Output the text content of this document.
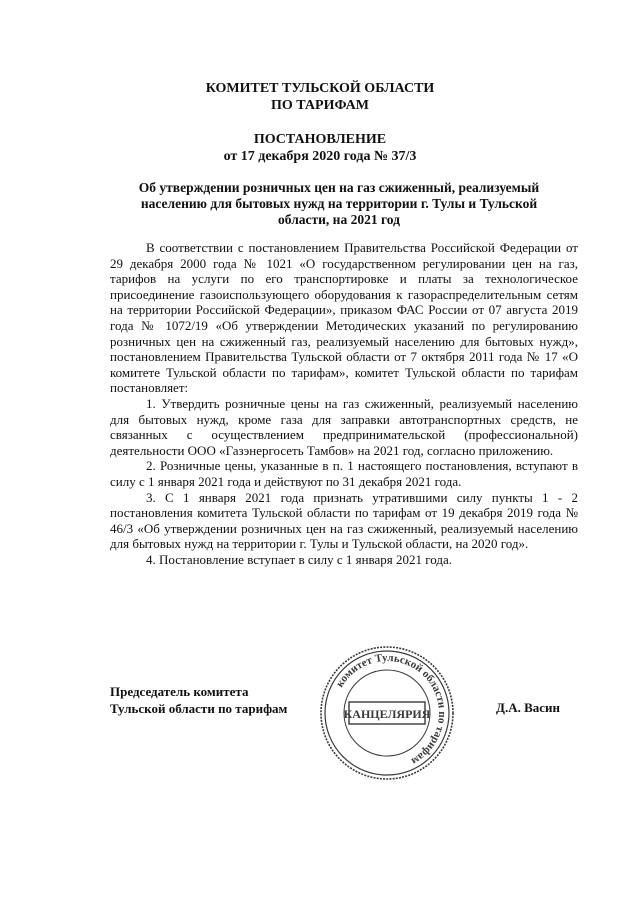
КОМИТЕТ ТУЛЬСКОЙ ОБЛАСТИ
ПО ТАРИФАМ
ПОСТАНОВЛЕНИЕ
от 17 декабря 2020 года № 37/3
Об утверждении розничных цен на газ сжиженный, реализуемый населению для бытовых нужд на территории г. Тулы и Тульской области, на 2021 год

В соответствии с постановлением Правительства Российской Федерации от 29 декабря 2000 года № 1021 «О государственном регулировании цен на газ, тарифов на услуги по его транспортировке и платы за технологическое присоединение газоиспользующего оборудования к газораспределительным сетям на территории Российской Федерации», приказом ФАС России от 07 августа 2019 года № 1072/19 «Об утверждении Методических указаний по регулированию розничных цен на сжиженный газ, реализуемый населению для бытовых нужд», постановлением Правительства Тульской области от 7 октября 2011 года № 17 «О комитете Тульской области по тарифам», комитет Тульской области по тарифам постановляет:

1. Утвердить розничные цены на газ сжиженный, реализуемый населению для бытовых нужд, кроме газа для заправки автотранспортных средств, не связанных с осуществлением предпринимательской (профессиональной) деятельности ООО «Газэнергосеть Тамбов» на 2021 год, согласно приложению.

2. Розничные цены, указанные в п. 1 настоящего постановления, вступают в силу с 1 января 2021 года и действуют по 31 декабря 2021 года.

3. С 1 января 2021 года признать утратившими силу пункты 1 - 2 постановления комитета Тульской области по тарифам от 19 декабря 2019 года № 46/3 «Об утверждении розничных цен на газ сжиженный, реализуемый населению для бытовых нужд на территории г. Тулы и Тульской области, на 2020 год».

4. Постановление вступает в силу с 1 января 2021 года.

Председатель комитета
Тульской области по тарифам
комитет Тульской области по тарифам
КАНЦЕЛЯРИЯ	Д.А. Васин
